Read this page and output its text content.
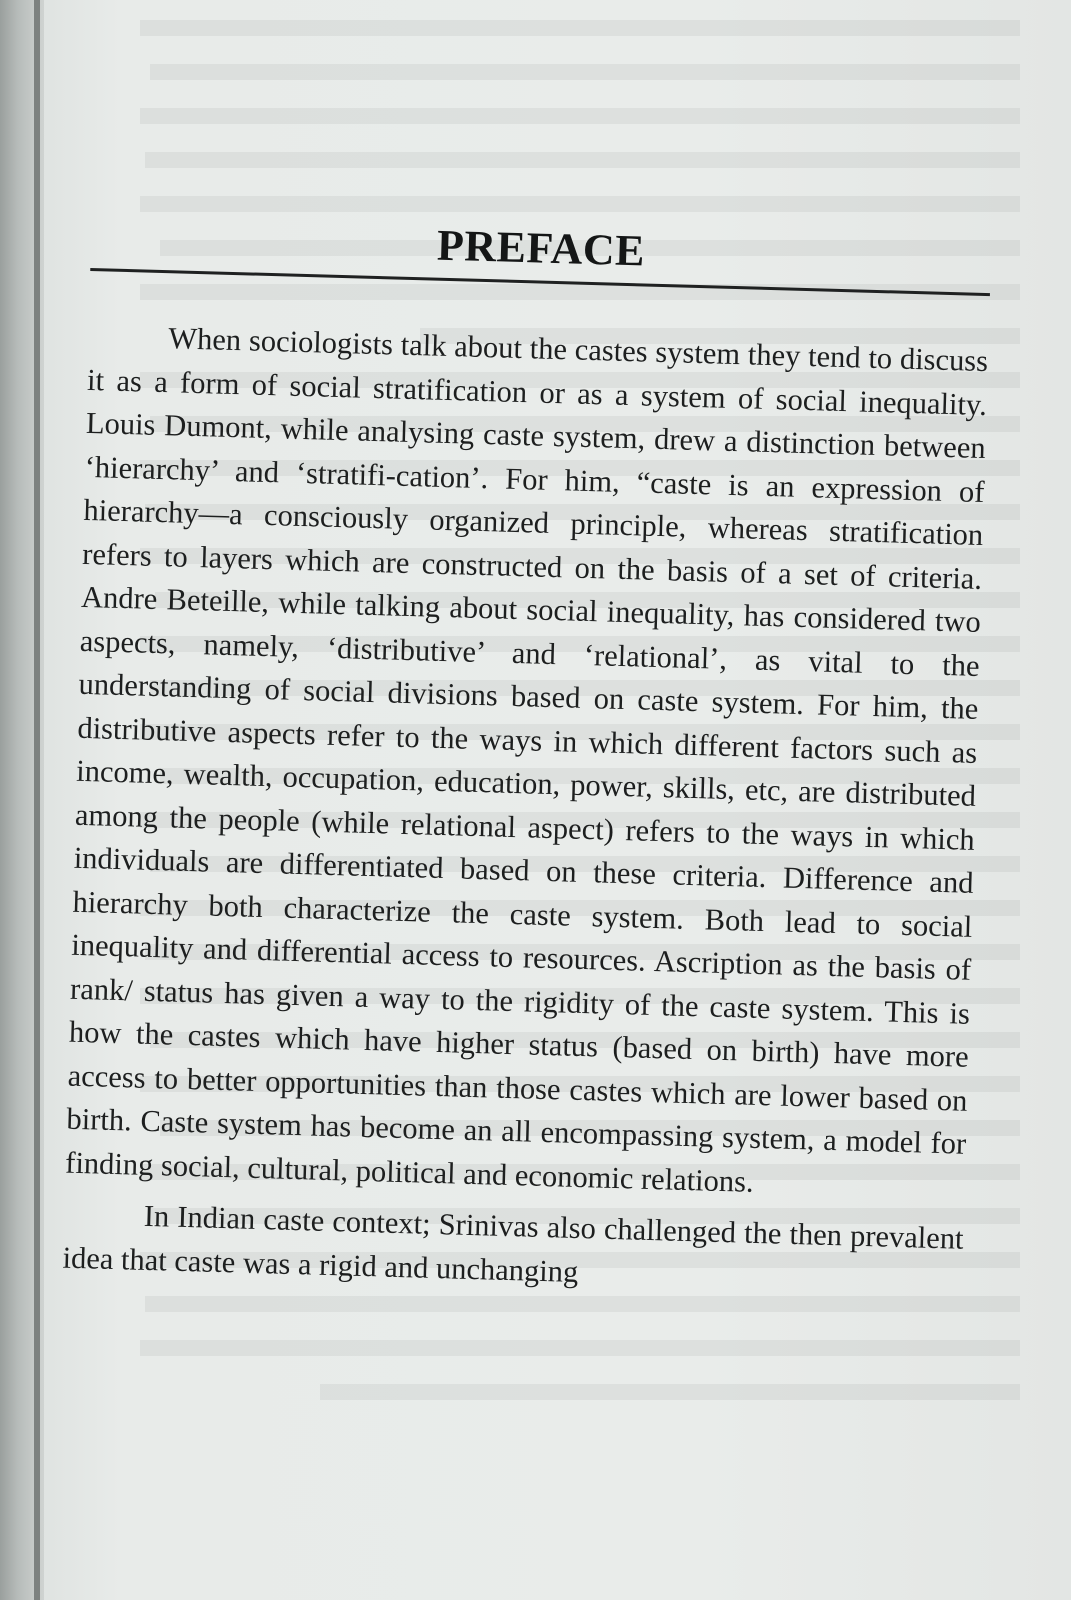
PREFACE

When sociologists talk about the castes system they tend to discuss it as a form of social stratification or as a system of social inequality. Louis Dumont, while analysing caste system, drew a distinction between ‘hierarchy’ and ‘stratifi-cation’. For him, “caste is an expression of hierarchy—a consciously organized principle, whereas stratification refers to layers which are constructed on the basis of a set of criteria. Andre Beteille, while talking about social inequality, has considered two aspects, namely, ‘distributive’ and ‘relational’, as vital to the understanding of social divisions based on caste system. For him, the distributive aspects refer to the ways in which different factors such as income, wealth, occupation, education, power, skills, etc, are distributed among the people (while relational aspect) refers to the ways in which individuals are differentiated based on these criteria. Difference and hierarchy both characterize the caste system. Both lead to social inequality and differential access to resources. Ascription as the basis of rank/ status has given a way to the rigidity of the caste system. This is how the castes which have higher status (based on birth) have more access to better opportunities than those castes which are lower based on birth. Caste system has become an all encompassing system, a model for finding social, cultural, political and economic relations.

In Indian caste context; Srinivas also challenged the then prevalent idea that caste was a rigid and unchanging
